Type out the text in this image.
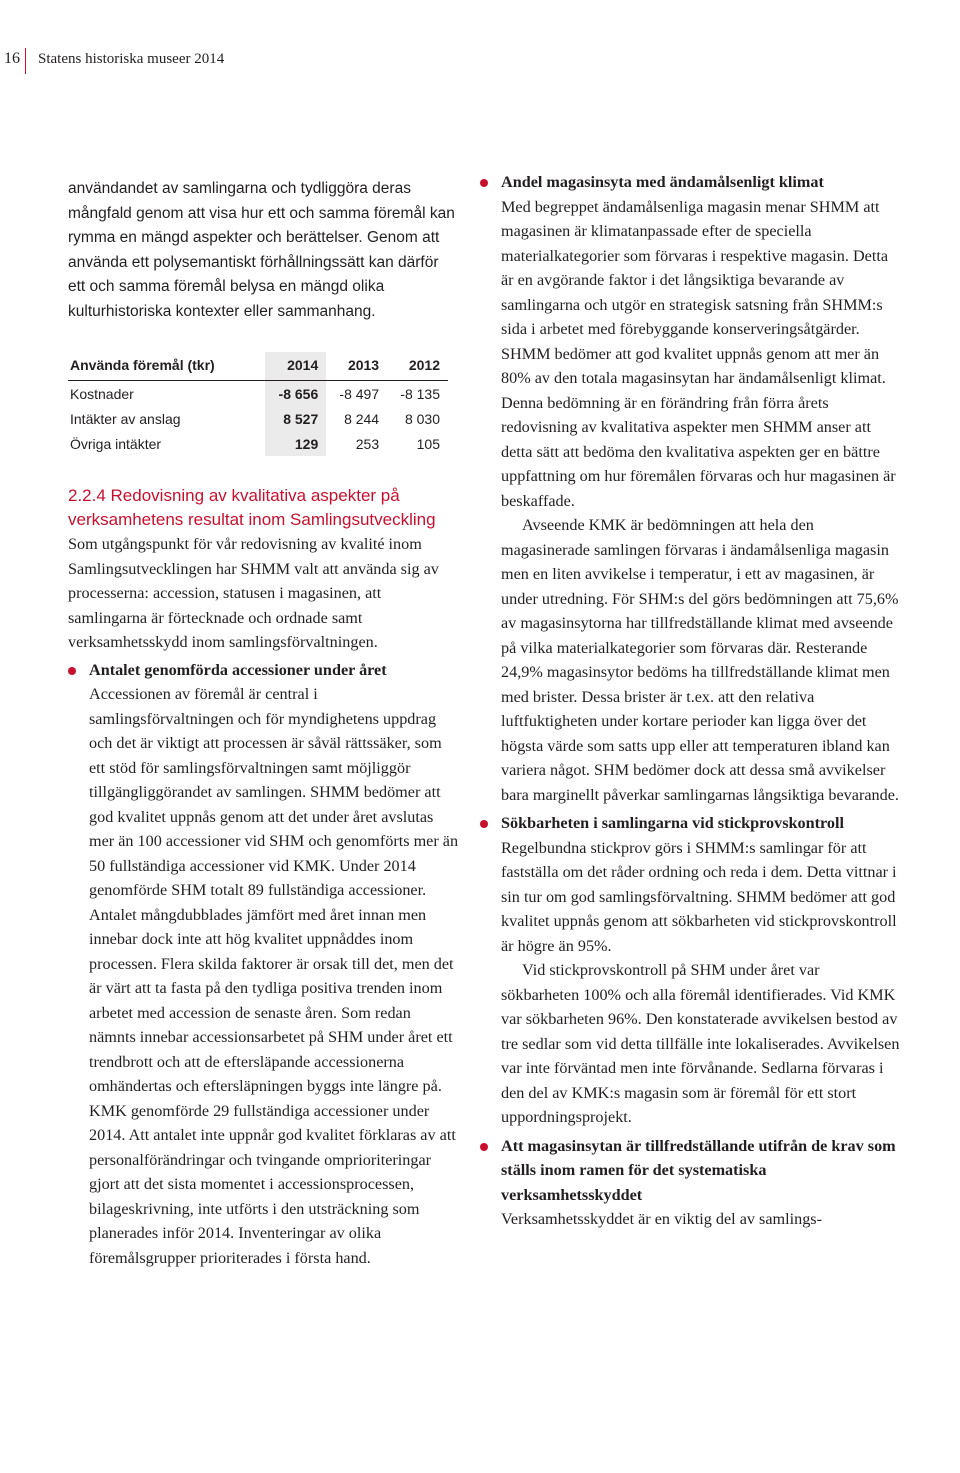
16 Statens historiska museer 2014

användandet av samlingarna och tydliggöra deras mångfald genom att visa hur ett och samma föremål kan rymma en mängd aspekter och berättelser. Genom att använda ett polysemantiskt förhållningssätt kan därför ett och samma föremål belysa en mängd olika kulturhistoriska kontexter eller sammanhang.

Använda föremål (tkr)	2014	2013	2012
Kostnader	-8 656	-8 497	-8 135
Intäkter av anslag	8 527	8 244	8 030
Övriga intäkter	129	253	105

2.2.4 Redovisning av kvalitativa aspekter på verksamhetens resultat inom Samlingsutveckling

Som utgångspunkt för vår redovisning av kvalité inom Samlingsutvecklingen har SHMM valt att använda sig av processerna: accession, statusen i magasinen, att samlingarna är förtecknade och ordnade samt verksamhetsskydd inom samlingsförvaltningen.

Antalet genomförda accessioner under året

Accessionen av föremål är central i samlingsförvaltningen och för myndighetens uppdrag och det är viktigt att processen är såväl rättssäker, som ett stöd för samlingsförvaltningen samt möjliggör tillgängliggörandet av samlingen. SHMM bedömer att god kvalitet uppnås genom att det under året avslutas mer än 100 accessioner vid SHM och genomförts mer än 50 fullständiga accessioner vid KMK. Under 2014 genomförde SHM totalt 89 fullständiga accessioner. Antalet mångdubblades jämfört med året innan men innebar dock inte att hög kvalitet uppnåddes inom processen. Flera skilda faktorer är orsak till det, men det är värt att ta fasta på den tydliga positiva trenden inom arbetet med accession de senaste åren. Som redan nämnts innebar accessionsarbetet på SHM under året ett trendbrott och att de eftersläpande accessionerna omhändertas och eftersläpningen byggs inte längre på. KMK genomförde 29 fullständiga accessioner under 2014. Att antalet inte uppnår god kvalitet förklaras av att personalförändringar och tvingande omprioriteringar gjort att det sista momentet i accessionsprocessen, bilageskrivning, inte utförts i den utsträckning som planerades inför 2014. Inventeringar av olika föremålsgrupper prioriterades i första hand.

Andel magasinsyta med ändamålsenligt klimat

Med begreppet ändamålsenliga magasin menar SHMM att magasinen är klimatanpassade efter de speciella materialkategorier som förvaras i respektive magasin. Detta är en avgörande faktor i det långsiktiga bevarande av samlingarna och utgör en strategisk satsning från SHMM:s sida i arbetet med förebyggande konserveringsåtgärder. SHMM bedömer att god kvalitet uppnås genom att mer än 80% av den totala magasinsytan har ändamålsenligt klimat. Denna bedömning är en förändring från förra årets redovisning av kvalitativa aspekter men SHMM anser att detta sätt att bedöma den kvalitativa aspekten ger en bättre uppfattning om hur föremålen förvaras och hur magasinen är beskaffade.

Avseende KMK är bedömningen att hela den magasinerade samlingen förvaras i ändamålsenliga magasin men en liten avvikelse i temperatur, i ett av magasinen, är under utredning. För SHM:s del görs bedömningen att 75,6% av magasinsytorna har tillfredställande klimat med avseende på vilka materialkategorier som förvaras där. Resterande 24,9% magasinsytor bedöms ha tillfredställande klimat men med brister. Dessa brister är t.ex. att den relativa luftfuktigheten under kortare perioder kan ligga över det högsta värde som satts upp eller att temperaturen ibland kan variera något. SHM bedömer dock att dessa små avvikelser bara marginellt påverkar samlingarnas långsiktiga bevarande.

Sökbarheten i samlingarna vid stickprovskontroll

Regelbundna stickprov görs i SHMM:s samlingar för att fastställa om det råder ordning och reda i dem. Detta vittnar i sin tur om god samlingsförvaltning. SHMM bedömer att god kvalitet uppnås genom att sökbarheten vid stickprovskontroll är högre än 95%.

Vid stickprovskontroll på SHM under året var sökbarheten 100% och alla föremål identifierades. Vid KMK var sökbarheten 96%. Den konstaterade avvikelsen bestod av tre sedlar som vid detta tillfälle inte lokaliserades. Avvikelsen var inte förväntad men inte förvånande. Sedlarna förvaras i den del av KMK:s magasin som är föremål för ett stort uppordningsprojekt.

Att magasinsytan är tillfredställande utifrån de krav som ställs inom ramen för det systematiska verksamhetsskyddet

Verksamhetsskyddet är en viktig del av samlings-
